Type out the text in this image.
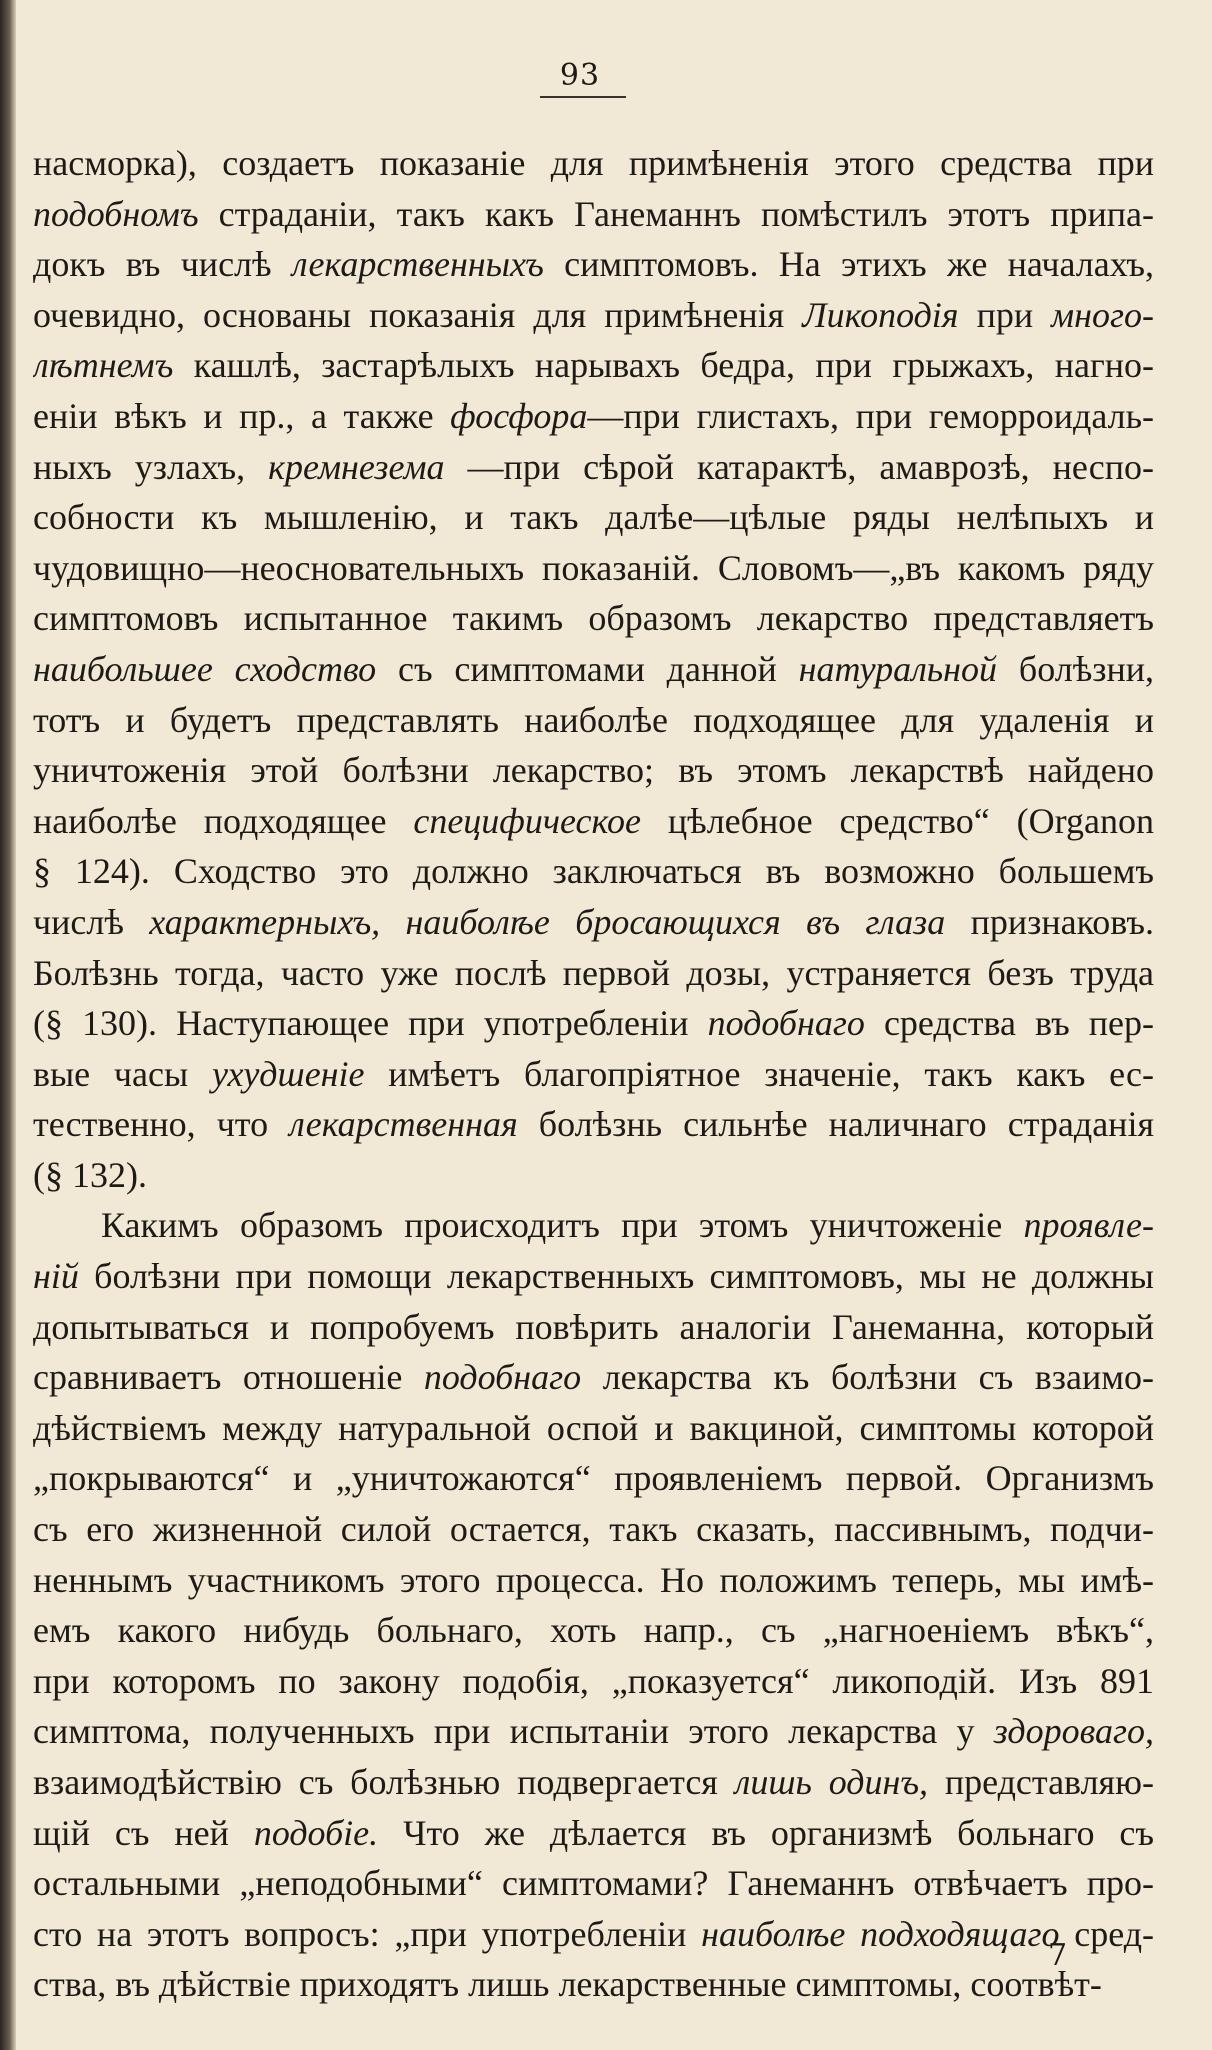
93
насморка), создаетъ показаніе для примѣненія этого средства при
подобномъ страданіи, такъ какъ Ганеманнъ помѣстилъ этотъ припа-
докъ въ числѣ лекарственныхъ симптомовъ. На этихъ же началахъ,
очевидно, основаны показанія для примѣненія Ликоподія при много-
лѣтнемъ кашлѣ, застарѣлыхъ нарывахъ бедра, при грыжахъ, нагно-
еніи вѣкъ и пр., а также фосфора—при глистахъ, при геморроидаль-
ныхъ узлахъ, кремнезема —при сѣрой катарактѣ, амаврозѣ, неспо-
собности къ мышленію, и такъ далѣе—цѣлые ряды нелѣпыхъ и
чудовищно—неосновательныхъ показаній. Словомъ—„въ какомъ ряду
симптомовъ испытанное такимъ образомъ лекарство представляетъ
наибольшее сходство съ симптомами данной натуральной болѣзни,
тотъ и будетъ представлять наиболѣе подходящее для удаленія и
уничтоженія этой болѣзни лекарство; въ этомъ лекарствѣ найдено
наиболѣе подходящее специфическое цѣлебное средство“ (Organon
§ 124). Сходство это должно заключаться въ возможно большемъ
числѣ характерныхъ, наиболѣе бросающихся въ глаза признаковъ.
Болѣзнь тогда, часто уже послѣ первой дозы, устраняется безъ труда
(§ 130). Наступающее при употребленіи подобнаго средства въ пер-
вые часы ухудшеніе имѣетъ благопріятное значеніе, такъ какъ ес-
тественно, что лекарственная болѣзнь сильнѣе наличнаго страданія
(§ 132).
Какимъ образомъ происходитъ при этомъ уничтоженіе проявле-
ній болѣзни при помощи лекарственныхъ симптомовъ, мы не должны
допытываться и попробуемъ повѣрить аналогіи Ганеманна, который
сравниваетъ отношеніе подобнаго лекарства къ болѣзни съ взаимо-
дѣйствіемъ между натуральной оспой и вакциной, симптомы которой
„покрываются“ и „уничтожаются“ проявленіемъ первой. Организмъ
съ его жизненной силой остается, такъ сказать, пассивнымъ, подчи-
неннымъ участникомъ этого процесса. Но положимъ теперь, мы имѣ-
емъ какого нибудь больнаго, хоть напр., съ „нагноеніемъ вѣкъ“,
при которомъ по закону подобія, „показуется“ ликоподій. Изъ 891
симптома, полученныхъ при испытаніи этого лекарства у здороваго,
взаимодѣйствію съ болѣзнью подвергается лишь одинъ, представляю-
щій съ ней подобіе. Что же дѣлается въ организмѣ больнаго съ
остальными „неподобными“ симптомами? Ганеманнъ отвѣчаетъ про-
сто на этотъ вопросъ: „при употребленіи наиболѣе подходящаго сред-
ства, въ дѣйствіе приходятъ лишь лекарственные симптомы, соотвѣт-
7
